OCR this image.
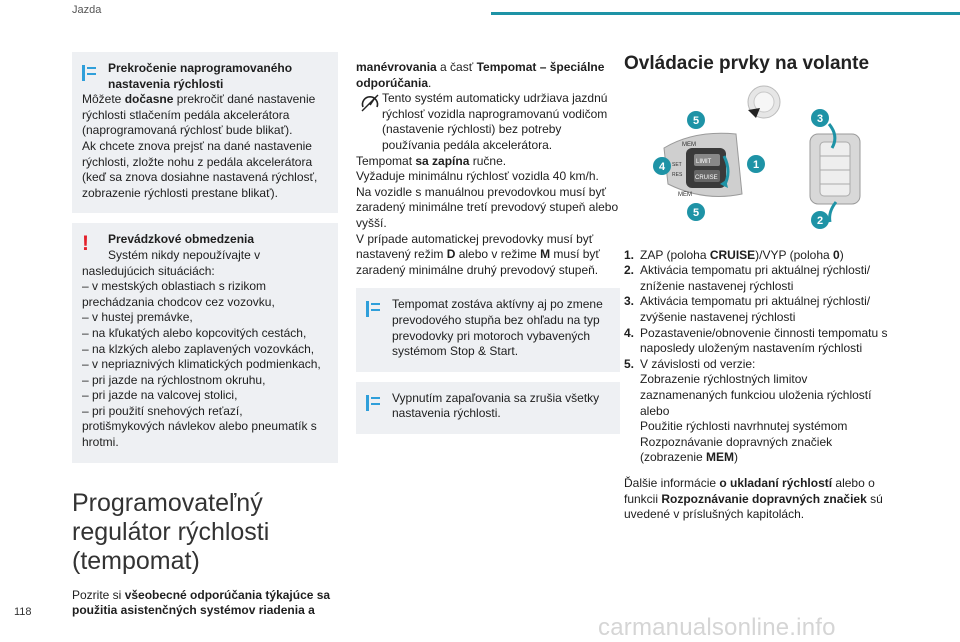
Jazda
Prekročenie naprogramovaného nastavenia rýchlosti

Môžete dočasne prekročiť dané nastavenie rýchlosti stlačením pedála akcelerátora (naprogramovaná rýchlosť bude blikať).

Ak chcete znova prejsť na dané nastavenie rýchlosti, zložte nohu z pedála akcelerátora (keď sa znova dosiahne nastavená rýchlosť, zobrazenie rýchlosti prestane blikať).

!	Prevádzkové obmedzenia

Systém nikdy nepoužívajte v nasledujúcich situáciách:

– v mestských oblastiach s rizikom prechádzania chodcov cez vozovku,

– v hustej premávke,

– na kľukatých alebo kopcovitých cestách,

– na klzkých alebo zaplavených vozovkách,

– v nepriaznivých klimatických podmienkach,

– pri jazde na rýchlostnom okruhu,

– pri jazde na valcovej stolici,

– pri použití snehových reťazí, protišmykových návlekov alebo pneumatík s hrotmi.

Programovateľný regulátor rýchlosti (tempomat)

Pozrite si všeobecné odporúčania týkajúce sa použitia asistenčných systémov riadenia a

manévrovania a časť Tempomat – špeciálne odporúčania.

Tento systém automaticky udržiava jazdnú rýchlosť vozidla naprogramovanú vodičom (nastavenie rýchlosti) bez potreby používania pedála akcelerátora.

Tempomat sa zapína ručne.

Vyžaduje minimálnu rýchlosť vozidla 40 km/h.

Na vozidle s manuálnou prevodovkou musí byť zaradený minimálne tretí prevodový stupeň alebo vyšší.

V prípade automatickej prevodovky musí byť nastavený režim D alebo v režime M musí byť zaradený minimálne druhý prevodový stupeň.

Tempomat zostáva aktívny aj po zmene prevodového stupňa bez ohľadu na typ prevodovky pri motoroch vybavených systémom Stop & Start.

Vypnutím zapaľovania sa zrušia všetky nastavenia rýchlosti.

Ovládacie prvky na volante
MEM
LIMIT
CRUISE
MEM
SET
RES
5
4
5
1
3
2
1. ZAP (poloha CRUISE)/VYP (poloha 0)
2. Aktivácia tempomatu pri aktuálnej rýchlosti/ zníženie nastavenej rýchlosti
3. Aktivácia tempomatu pri aktuálnej rýchlosti/ zvýšenie nastavenej rýchlosti
4. Pozastavenie/obnovenie činnosti tempomatu s naposledy uloženým nastavením rýchlosti
5. V závislosti od verzie:
Zobrazenie rýchlostných limitov zaznamenaných funkciou uloženia rýchlostí alebo
Použitie rýchlosti navrhnutej systémom Rozpoznávanie dopravných značiek (zobrazenie MEM)

Ďalšie informácie o ukladaní rýchlostí alebo o funkcii Rozpoznávanie dopravných značiek sú uvedené v príslušných kapitolách.

118
carmanualsonline.info
